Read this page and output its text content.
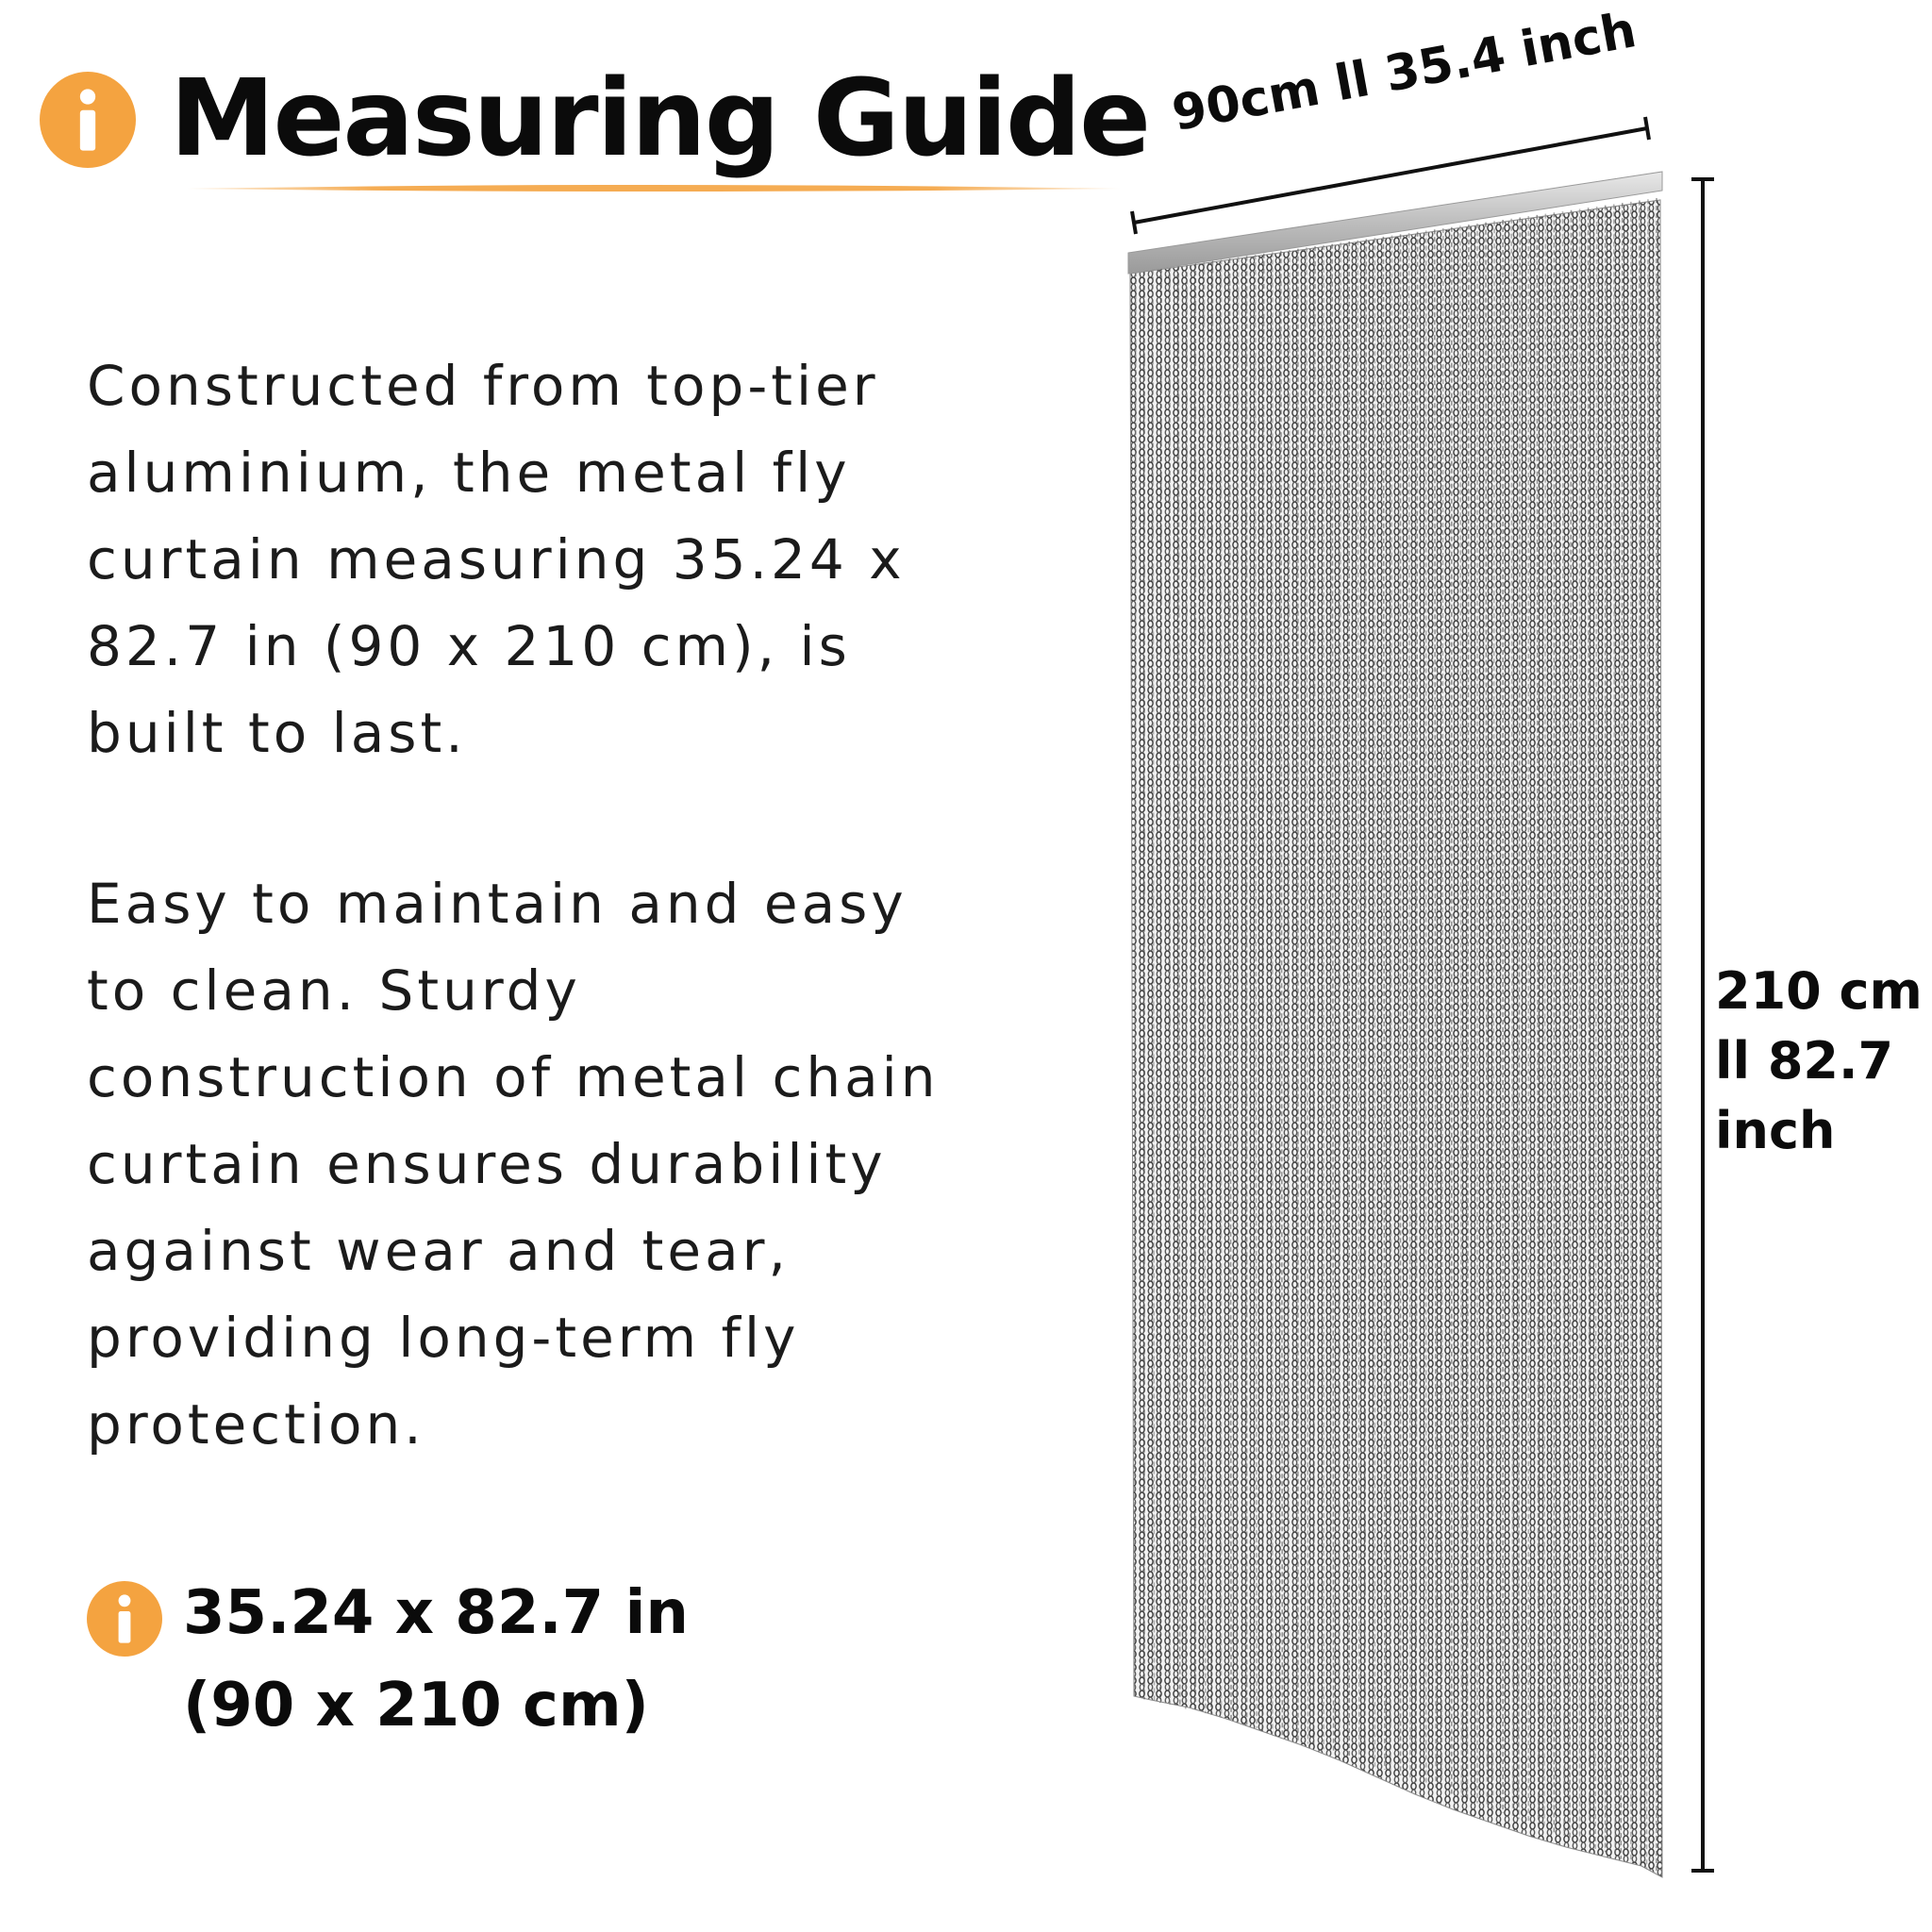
Measuring Guide
Constructed from top-tier
aluminium, the metal fly
curtain measuring 35.24 x
82.7 in (90 x 210 cm), is
built to last.
Easy to maintain and easy
to clean. Sturdy
construction of metal chain
curtain ensures durability
against wear and tear,
providing long-term fly
protection.
35.24 x 82.7 in
(90 x 210 cm)
90cm ll 35.4 inch
210 cm
ll 82.7
inch
